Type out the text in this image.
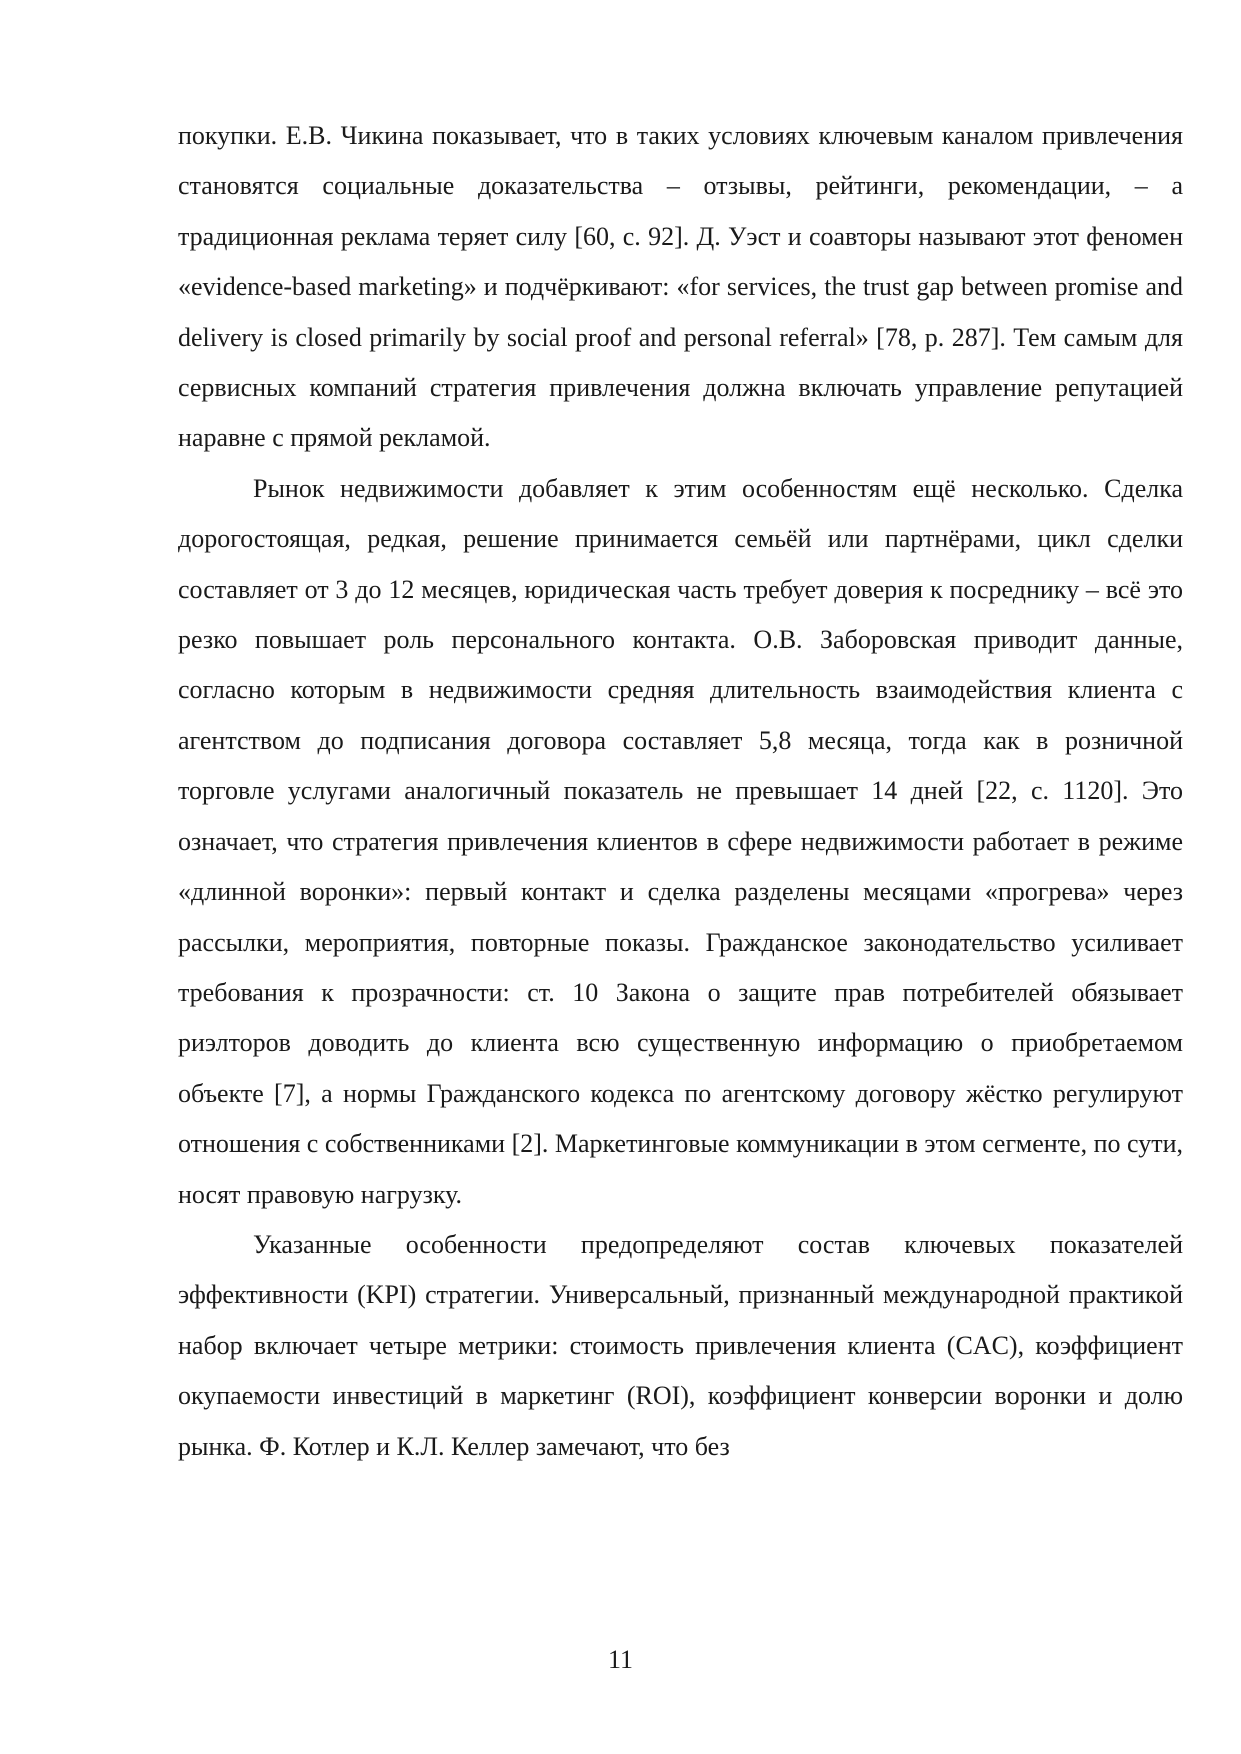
покупки. Е.В. Чикина показывает, что в таких условиях ключевым каналом привлечения становятся социальные доказательства – отзывы, рейтинги, рекомендации, – а традиционная реклама теряет силу [60, с. 92]. Д. Уэст и соавторы называют этот феномен «evidence-based marketing» и подчёркивают: «for services, the trust gap between promise and delivery is closed primarily by social proof and personal referral» [78, p. 287]. Тем самым для сервисных компаний стратегия привлечения должна включать управление репутацией наравне с прямой рекламой.

Рынок недвижимости добавляет к этим особенностям ещё несколько. Сделка дорогостоящая, редкая, решение принимается семьёй или партнёрами, цикл сделки составляет от 3 до 12 месяцев, юридическая часть требует доверия к посреднику – всё это резко повышает роль персонального контакта. О.В. Заборовская приводит данные, согласно которым в недвижимости средняя длительность взаимодействия клиента с агентством до подписания договора составляет 5,8 месяца, тогда как в розничной торговле услугами аналогичный показатель не превышает 14 дней [22, с. 1120]. Это означает, что стратегия привлечения клиентов в сфере недвижимости работает в режиме «длинной воронки»: первый контакт и сделка разделены месяцами «прогрева» через рассылки, мероприятия, повторные показы. Гражданское законодательство усиливает требования к прозрачности: ст. 10 Закона о защите прав потребителей обязывает риэлторов доводить до клиента всю существенную информацию о приобретаемом объекте [7], а нормы Гражданского кодекса по агентскому договору жёстко регулируют отношения с собственниками [2]. Маркетинговые коммуникации в этом сегменте, по сути, носят правовую нагрузку.

Указанные особенности предопределяют состав ключевых показателей эффективности (KPI) стратегии. Универсальный, признанный международной практикой набор включает четыре метрики: стоимость привлечения клиента (CAC), коэффициент окупаемости инвестиций в маркетинг (ROI), коэффициент конверсии воронки и долю рынка. Ф. Котлер и К.Л. Келлер замечают, что без

11
